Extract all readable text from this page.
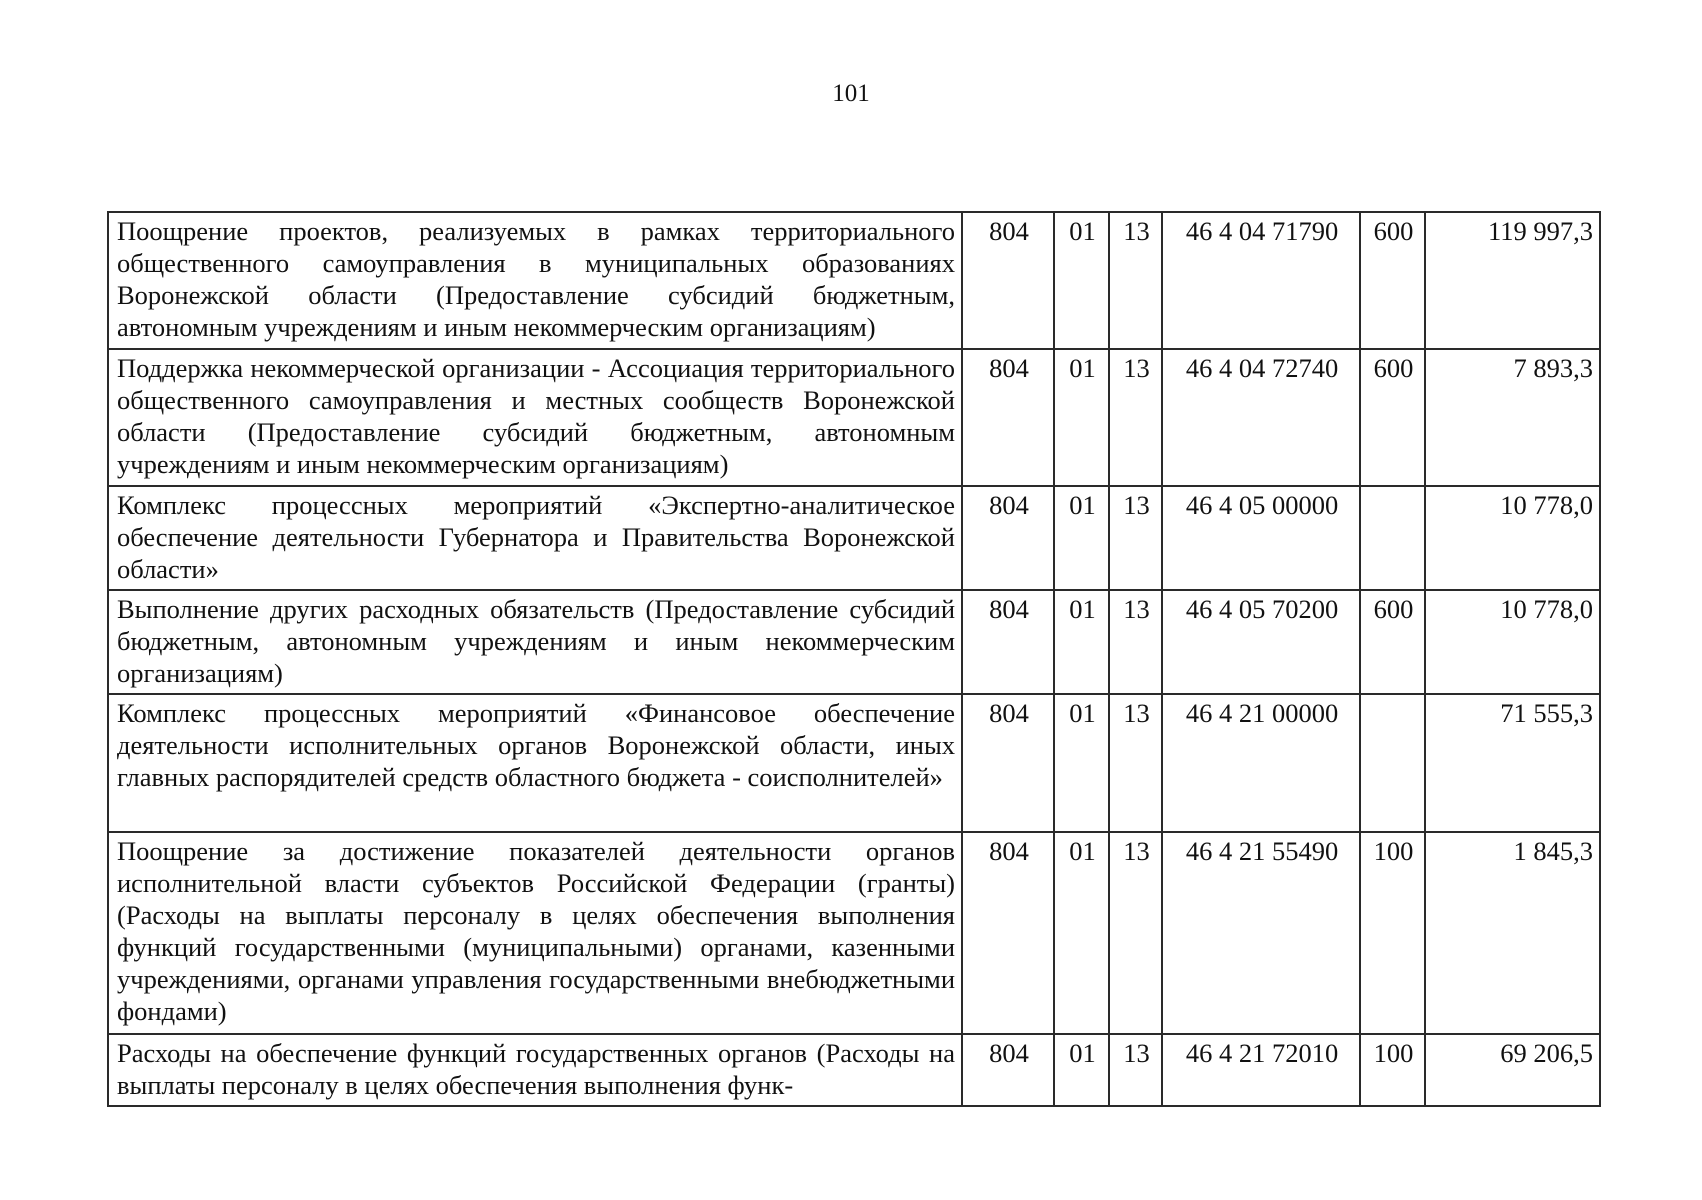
101
Поощрение проектов, реализуемых в рамках территориального общественного самоуправления в муниципальных образованиях Воронежской области (Предоставление субсидий бюджетным, автономным учреждениям и иным некоммерческим организациям)	804	01	13	46 4 04 71790	600	119 997,3
Поддержка некоммерческой организации - Ассоциация территориального общественного самоуправления и местных сообществ Воронежской области (Предоставление субсидий бюджетным, автономным учреждениям и иным некоммерческим организациям)	804	01	13	46 4 04 72740	600	7 893,3
Комплекс процессных мероприятий «Экспертно-аналитическое обеспечение деятельности Губернатора и Правительства Воронежской области»	804	01	13	46 4 05 00000		10 778,0
Выполнение других расходных обязательств (Предоставление субсидий бюджетным, автономным учреждениям и иным некоммерческим организациям)	804	01	13	46 4 05 70200	600	10 778,0
Комплекс процессных мероприятий «Финансовое обеспечение деятельности исполнительных органов Воронежской области, иных главных распорядителей средств областного бюджета - соисполнителей»	804	01	13	46 4 21 00000		71 555,3
Поощрение за достижение показателей деятельности органов исполнительной власти субъектов Российской Федерации (гранты) (Расходы на выплаты персоналу в целях обеспечения выполнения функций государственными (муниципальными) органами, казенными учреждениями, органами управления государственными внебюджетными фондами)	804	01	13	46 4 21 55490	100	1 845,3
Расходы на обеспечение функций государственных органов (Расходы на выплаты персоналу в целях обеспечения выполнения функ-	804	01	13	46 4 21 72010	100	69 206,5
